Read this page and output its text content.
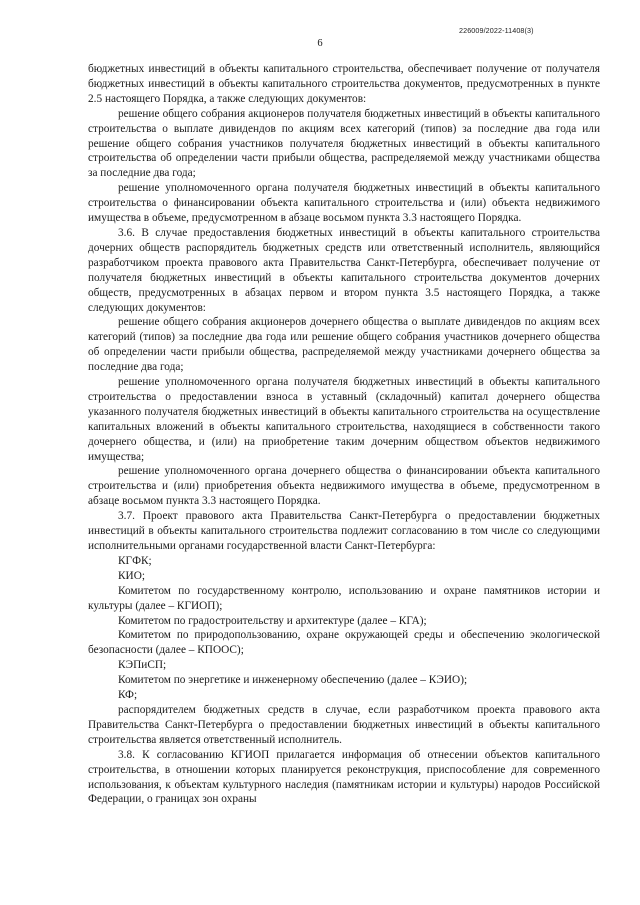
226009/2022-11408(3)
6

бюджетных инвестиций в объекты капитального строительства, обеспечивает получение от получателя бюджетных инвестиций в объекты капитального строительства документов, предусмотренных в пункте 2.5 настоящего Порядка, а также следующих документов:

решение общего собрания акционеров получателя бюджетных инвестиций в объекты капитального строительства о выплате дивидендов по акциям всех категорий (типов) за последние два года или решение общего собрания участников получателя бюджетных инвестиций в объекты капитального строительства об определении части прибыли общества, распределяемой между участниками общества за последние два года;

решение уполномоченного органа получателя бюджетных инвестиций в объекты капитального строительства о финансировании объекта капитального строительства и (или) объекта недвижимого имущества в объеме, предусмотренном в абзаце восьмом пункта 3.3 настоящего Порядка.

3.6. В случае предоставления бюджетных инвестиций в объекты капитального строительства дочерних обществ распорядитель бюджетных средств или ответственный исполнитель, являющийся разработчиком проекта правового акта Правительства Санкт-Петербурга, обеспечивает получение от получателя бюджетных инвестиций в объекты капитального строительства документов дочерних обществ, предусмотренных в абзацах первом и втором пункта 3.5 настоящего Порядка, а также следующих документов:

решение общего собрания акционеров дочернего общества о выплате дивидендов по акциям всех категорий (типов) за последние два года или решение общего собрания участников дочернего общества об определении части прибыли общества, распределяемой между участниками дочернего общества за последние два года;

решение уполномоченного органа получателя бюджетных инвестиций в объекты капитального строительства о предоставлении взноса в уставный (складочный) капитал дочернего общества указанного получателя бюджетных инвестиций в объекты капитального строительства на осуществление капитальных вложений в объекты капитального строительства, находящиеся в собственности такого дочернего общества, и (или) на приобретение таким дочерним обществом объектов недвижимого имущества;

решение уполномоченного органа дочернего общества о финансировании объекта капитального строительства и (или) приобретения объекта недвижимого имущества в объеме, предусмотренном в абзаце восьмом пункта 3.3 настоящего Порядка.

3.7. Проект правового акта Правительства Санкт-Петербурга о предоставлении бюджетных инвестиций в объекты капитального строительства подлежит согласованию в том числе со следующими исполнительными органами государственной власти Санкт-Петербурга:

КГФК;

КИО;

Комитетом по государственному контролю, использованию и охране памятников истории и культуры (далее – КГИОП);

Комитетом по градостроительству и архитектуре (далее – КГА);

Комитетом по природопользованию, охране окружающей среды и обеспечению экологической безопасности (далее – КПООС);

КЭПиСП;

Комитетом по энергетике и инженерному обеспечению (далее – КЭИО);

КФ;

распорядителем бюджетных средств в случае, если разработчиком проекта правового акта Правительства Санкт-Петербурга о предоставлении бюджетных инвестиций в объекты капитального строительства является ответственный исполнитель.

3.8. К согласованию КГИОП прилагается информация об отнесении объектов капитального строительства, в отношении которых планируется реконструкция, приспособление для современного использования, к объектам культурного наследия (памятникам истории и культуры) народов Российской Федерации, о границах зон охраны
